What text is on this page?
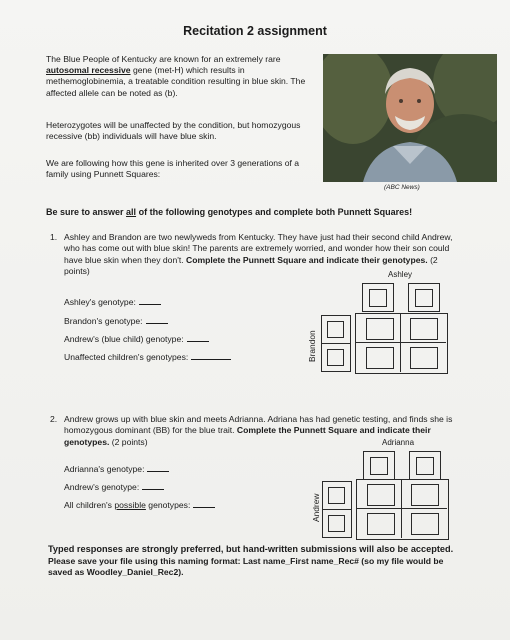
Recitation 2 assignment
The Blue People of Kentucky are known for an extremely rare autosomal recessive gene (met-H) which results in methemoglobinemia, a treatable condition resulting in blue skin. The affected allele can be noted as (b).
Heterozygotes will be unaffected by the condition, but homozygous recessive (bb) individuals will have blue skin.
We are following how this gene is inherited over 3 generations of a family using Punnett Squares:
(ABC News)
Be sure to answer all of the following genotypes and complete both Punnett Squares!
1. Ashley and Brandon are two newlyweds from Kentucky. They have just had their second child Andrew, who has come out with blue skin! The parents are extremely worried, and wonder how their son could have blue skin when they don't. Complete the Punnett Square and indicate their genotypes. (2 points)
Ashley's genotype:
Brandon's genotype:
Andrew's (blue child) genotype:
Unaffected children's genotypes:
Ashley
Brandon
2. Andrew grows up with blue skin and meets Adrianna. Adriana has had genetic testing, and finds she is homozygous dominant (BB) for the blue trait. Complete the Punnett Square and indicate their genotypes. (2 points)
Adrianna's genotype:
Andrew's genotype:
All children's possible genotypes:
Adrianna
Andrew
Typed responses are strongly preferred, but hand-written submissions will also be accepted.
Please save your file using this naming format: Last name_First name_Rec# (so my file would be saved as Woodley_Daniel_Rec2).
